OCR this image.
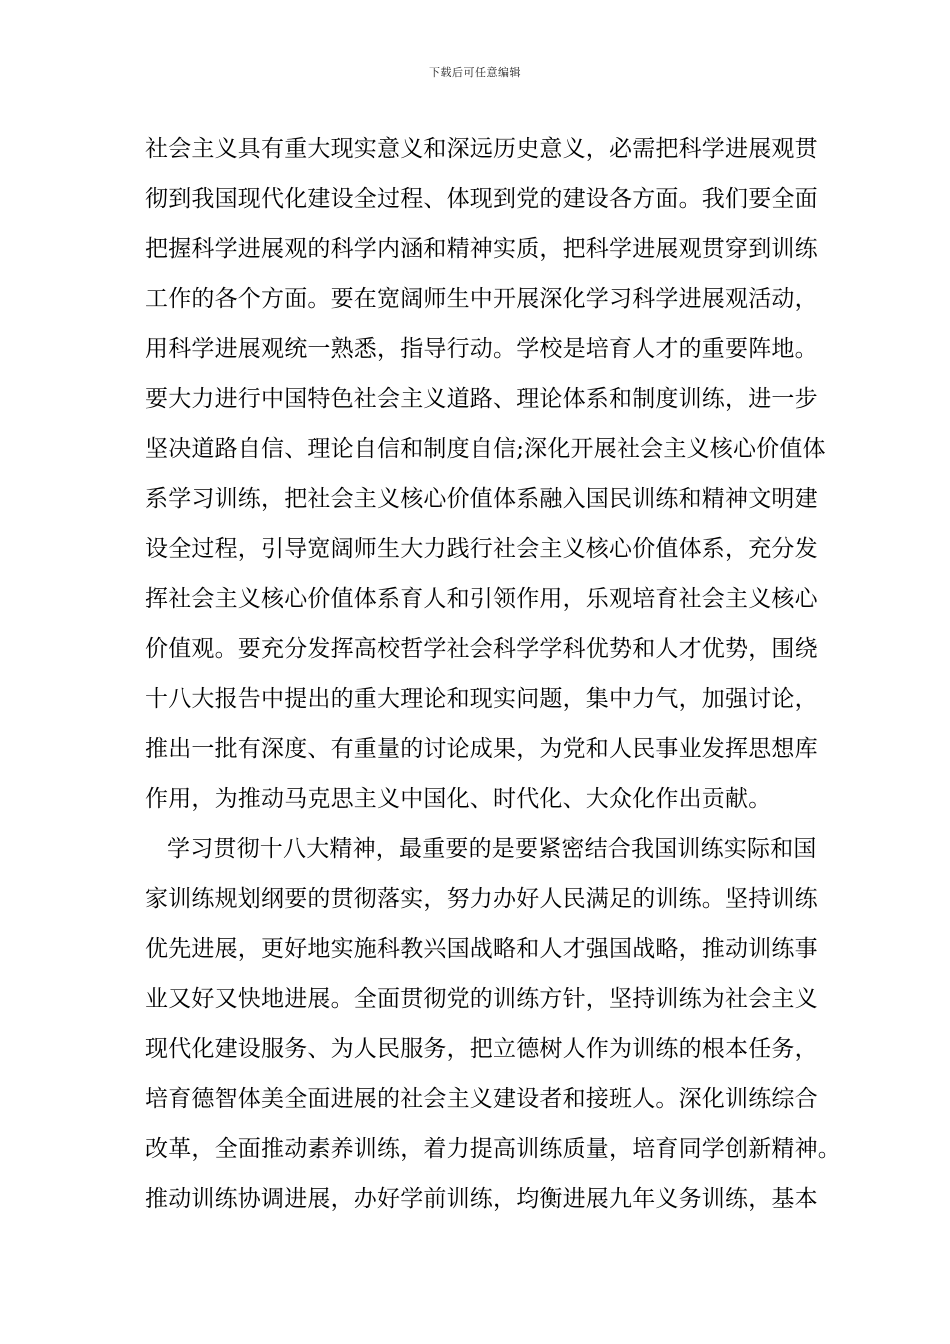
下载后可任意编辑
社会主义具有重大现实意义和深远历史意义，必需把科学进展观贯
彻到我国现代化建设全过程、体现到党的建设各方面。我们要全面
把握科学进展观的科学内涵和精神实质，把科学进展观贯穿到训练
工作的各个方面。要在宽阔师生中开展深化学习科学进展观活动，
用科学进展观统一熟悉，指导行动。学校是培育人才的重要阵地。
要大力进行中国特色社会主义道路、理论体系和制度训练，进一步
坚决道路自信、理论自信和制度自信;深化开展社会主义核心价值体
系学习训练，把社会主义核心价值体系融入国民训练和精神文明建
设全过程，引导宽阔师生大力践行社会主义核心价值体系，充分发
挥社会主义核心价值体系育人和引领作用，乐观培育社会主义核心
价值观。要充分发挥高校哲学社会科学学科优势和人才优势，围绕
十八大报告中提出的重大理论和现实问题，集中力气，加强讨论，
推出一批有深度、有重量的讨论成果，为党和人民事业发挥思想库
作用，为推动马克思主义中国化、时代化、大众化作出贡献。
学习贯彻十八大精神，最重要的是要紧密结合我国训练实际和国
家训练规划纲要的贯彻落实，努力办好人民满足的训练。坚持训练
优先进展，更好地实施科教兴国战略和人才强国战略，推动训练事
业又好又快地进展。全面贯彻党的训练方针，坚持训练为社会主义
现代化建设服务、为人民服务，把立德树人作为训练的根本任务，
培育德智体美全面进展的社会主义建设者和接班人。深化训练综合
改革，全面推动素养训练，着力提高训练质量，培育同学创新精神。
推动训练协调进展，办好学前训练，均衡进展九年义务训练，基本
